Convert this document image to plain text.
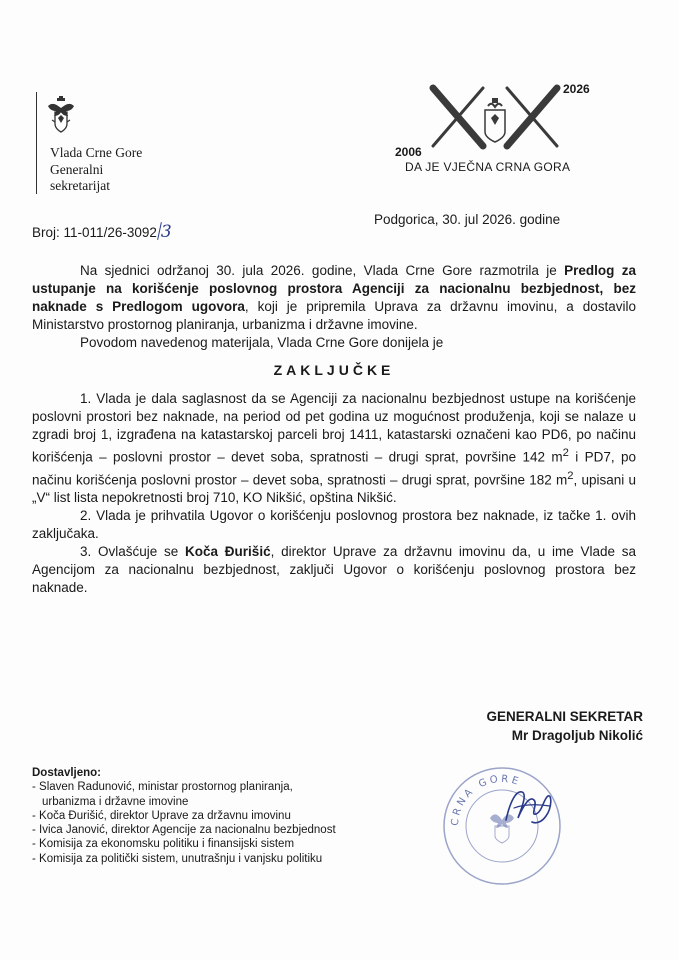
Vlada Crne Gore
Generalni
sekretarijat
2006
2026
DA JE VJEČNA CRNA GORA
Broj: 11-011/26-3092 3
Podgorica, 30. jul 2026. godine

Na sjednici održanoj 30. jula 2026. godine, Vlada Crne Gore razmotrila je Predlog za ustupanje na korišćenje poslovnog prostora Agenciji za nacionalnu bezbjednost, bez naknade s Predlogom ugovora, koji je pripremila Uprava za državnu imovinu, a dostavilo Ministarstvo prostornog planiranja, urbanizma i državne imovine.

Povodom navedenog materijala, Vlada Crne Gore donijela je

ZAKLJUČKE

1. Vlada je dala saglasnost da se Agenciji za nacionalnu bezbjednost ustupe na korišćenje poslovni prostori bez naknade, na period od pet godina uz mogućnost produženja, koji se nalaze u zgradi broj 1, izgrađena na katastarskoj parceli broj 1411, katastarski označeni kao PD6, po načinu korišćenja – poslovni prostor – devet soba, spratnosti – drugi sprat, površine 142 $m^2$ i PD7, po načinu korišćenja poslovni prostor – devet soba, spratnosti – drugi sprat, površine 182 $m^2$, upisani u „V“ list lista nepokretnosti broj 710, KO Nikšić, opština Nikšić.

2. Vlada je prihvatila Ugovor o korišćenju poslovnog prostora bez naknade, iz tačke 1. ovih zaključaka.

3. Ovlašćuje se Koča Đurišić, direktor Uprave za državnu imovinu da, u ime Vlade sa Agencijom za nacionalnu bezbjednost, zaključi Ugovor o korišćenju poslovnog prostora bez naknade.

GENERALNI SEKRETAR
Mr Dragoljub Nikolić
CRNA GORE
Dostavljeno:
- Slaven Radunović, ministar prostornog planiranja,
urbanizma i državne imovine
- Koča Đurišić, direktor Uprave za državnu imovinu
- Ivica Janović, direktor Agencije za nacionalnu bezbjednost
- Komisija za ekonomsku politiku i finansijski sistem
- Komisija za politički sistem, unutrašnju i vanjsku politiku
